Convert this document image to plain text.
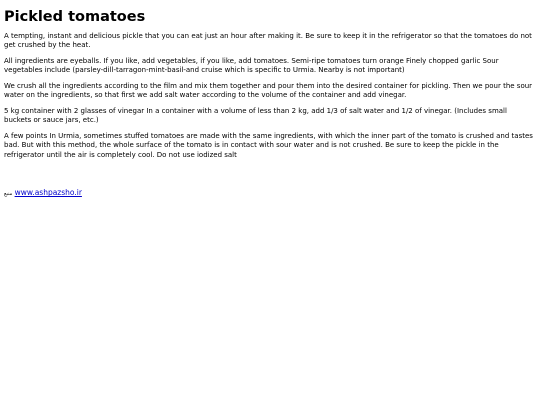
Pickled tomatoes

A tempting, instant and delicious pickle that you can eat just an hour after making it. Be sure to keep it in the refrigerator so that the tomatoes do not get crushed by the heat.

All ingredients are eyeballs. If you like, add vegetables, if you like, add tomatoes. Semi-ripe tomatoes turn orange Finely chopped garlic Sour vegetables include (parsley-dill-tarragon-mint-basil-and cruise which is specific to Urmia. Nearby is not important)

We crush all the ingredients according to the film and mix them together and pour them into the desired container for pickling. Then we pour the sour water on the ingredients, so that first we add salt water according to the volume of the container and add vinegar.

5 kg container with 2 glasses of vinegar In a container with a volume of less than 2 kg, add 1/3 of salt water and 1/2 of vinegar. (Includes small buckets or sauce jars, etc.)

A few points In Urmia, sometimes stuffed tomatoes are made with the same ingredients, with which the inner part of the tomato is crushed and tastes bad. But with this method, the whole surface of the tomato is in contact with sour water and is not crushed. Be sure to keep the pickle in the refrigerator until the air is completely cool. Do not use iodized salt

منبع www.ashpazsho.ir
